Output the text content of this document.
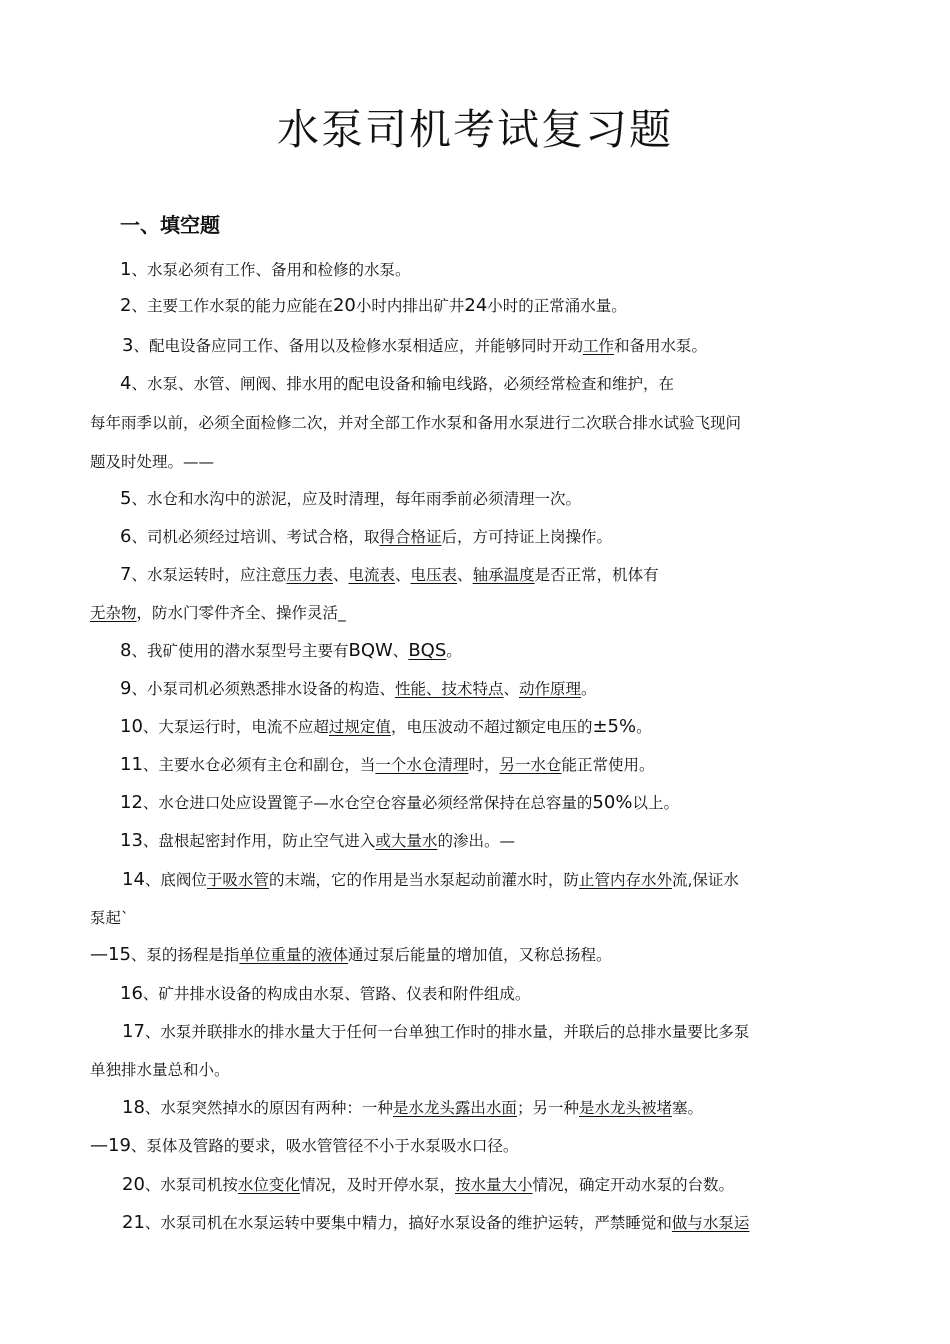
水泵司机考试复习题
一、填空题
1、水泵必须有工作、备用和检修的水泵。
2、主要工作水泵的能力应能在20小时内排出矿井24小时的正常涌水量。
3、配电设备应同工作、备用以及检修水泵相适应，并能够同时开动工作和备用水泵。
4、水泵、水管、闸阀、排水用的配电设备和输电线路，必须经常检查和维护，在
每年雨季以前，必须全面检修二次，并对全部工作水泵和备用水泵进行二次联合排水试验飞现问
题及时处理。——
5、水仓和水沟中的淤泥，应及时清理，每年雨季前必须清理一次。
6、司机必须经过培训、考试合格，取得合格证后，方可持证上岗操作。
7、水泵运转时，应注意压力表、电流表、电压表、轴承温度是否正常，机体有
无杂物，防水门零件齐全、操作灵活_
8、我矿使用的潜水泵型号主要有BQW、BQS。
9、小泵司机必须熟悉排水设备的构造、性能、技术特点、动作原理。
10、大泵运行时，电流不应超过规定值，电压波动不超过额定电压的±5%。
11、主要水仓必须有主仓和副仓，当一个水仓清理时，另一水仓能正常使用。
12、水仓进口处应设置篦子—水仓空仓容量必须经常保持在总容量的50%以上。
13、盘根起密封作用，防止空气进入或大量水的渗出。—
14、底阀位于吸水管的末端，它的作用是当水泵起动前灌水时，防止管内存水外流,保证水
泵起`
—15、泵的扬程是指单位重量的液体通过泵后能量的增加值，又称总扬程。
16、矿井排水设备的构成由水泵、管路、仪表和附件组成。
17、水泵并联排水的排水量大于任何一台单独工作时的排水量，并联后的总排水量要比多泵
单独排水量总和小。
18、水泵突然掉水的原因有两种：一种是水龙头露出水面；另一种是水龙头被堵塞。
—19、泵体及管路的要求，吸水管管径不小于水泵吸水口径。
20、水泵司机按水位变化情况，及时开停水泵，按水量大小情况，确定开动水泵的台数。
21、水泵司机在水泵运转中要集中精力，搞好水泵设备的维护运转，严禁睡觉和做与水泵运
